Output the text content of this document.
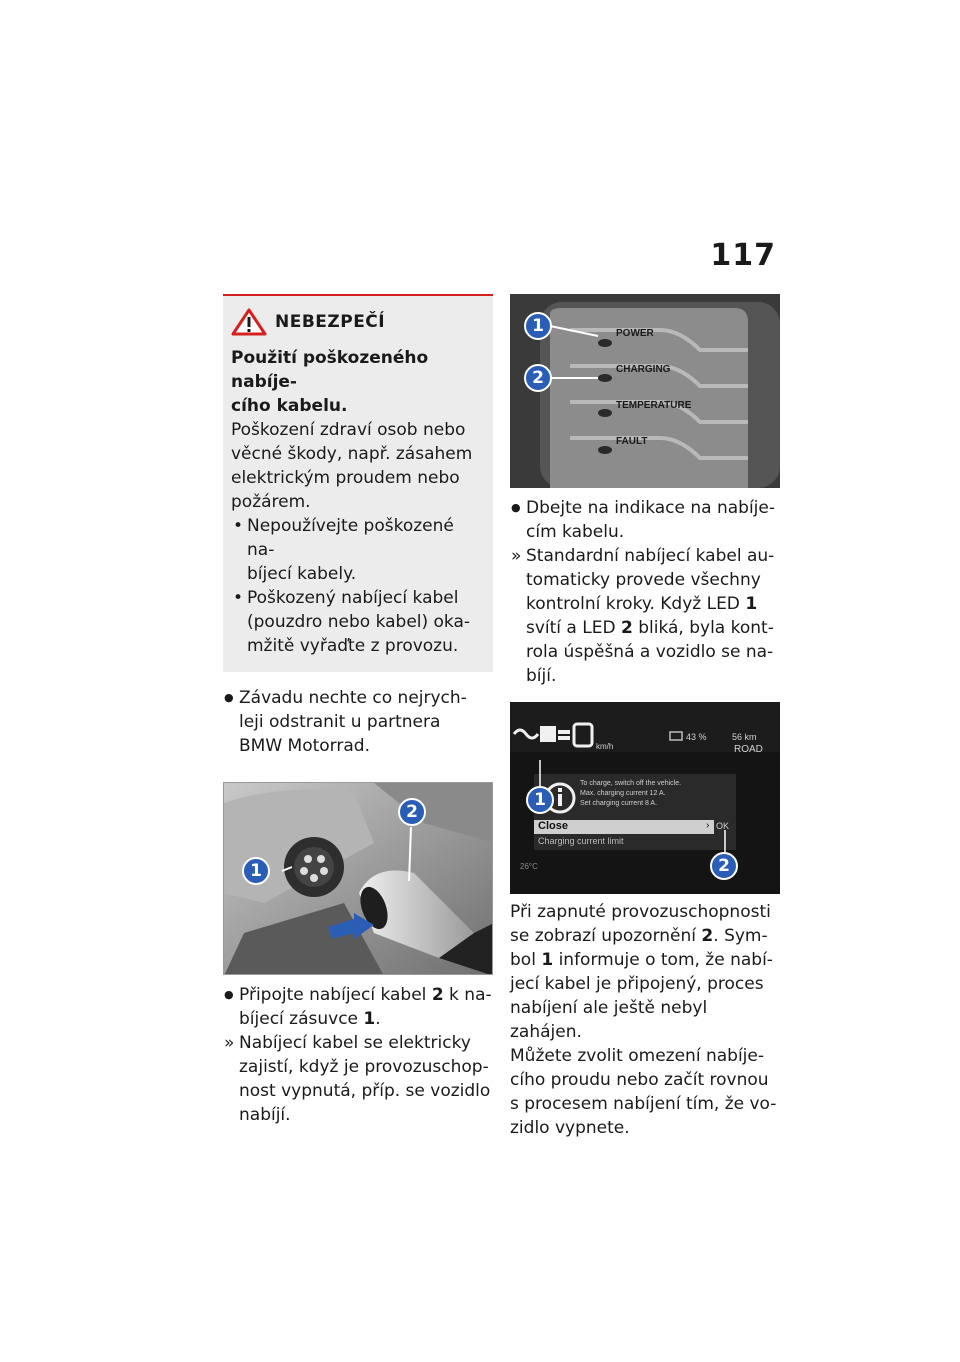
117
NEBEZPEČÍ

Použití poškozeného nabíje-

cího kabelu.

Poškození zdraví osob nebo

věcné škody, např. zásahem

elektrickým proudem nebo

požárem.

• Nepoužívejte poškozené na-
bíjecí kabely.
• Poškozený nabíjecí kabel
(pouzdro nebo kabel) oka-
mžitě vyřaďte z provozu.
● Závadu nechte co nejrych-
leji odstranit u partnera
BMW Motorrad.
1
2
● Připojte nabíjecí kabel 2 k na-
bíjecí zásuvce 1.
» Nabíjecí kabel se elektricky
zajistí, když je provozuschop-
nost vypnutá, příp. se vozidlo
nabíjí.
1
2
POWER
CHARGING
TEMPERATURE
FAULT
● Dbejte na indikace na nabíje-
cím kabelu.
» Standardní nabíjecí kabel au-
tomaticky provede všechny
kontrolní kroky. Když LED 1
svítí a LED 2 bliká, byla kont-
rola úspěšná a vozidlo se na-
bíjí.
km/h
43 %	56 km
ROAD
To charge, switch off the vehicle.
Max. charging current 12 A.
Set charging current 8 A.
Close	› OK
Charging current limit
26°C
1
2

Při zapnuté provozuschopnosti

se zobrazí upozornění 2. Sym-

bol 1 informuje o tom, že nabí-

jecí kabel je připojený, proces

nabíjení ale ještě nebyl zahájen.

Můžete zvolit omezení nabíje-

cího proudu nebo začít rovnou

s procesem nabíjení tím, že vo-

zidlo vypnete.
